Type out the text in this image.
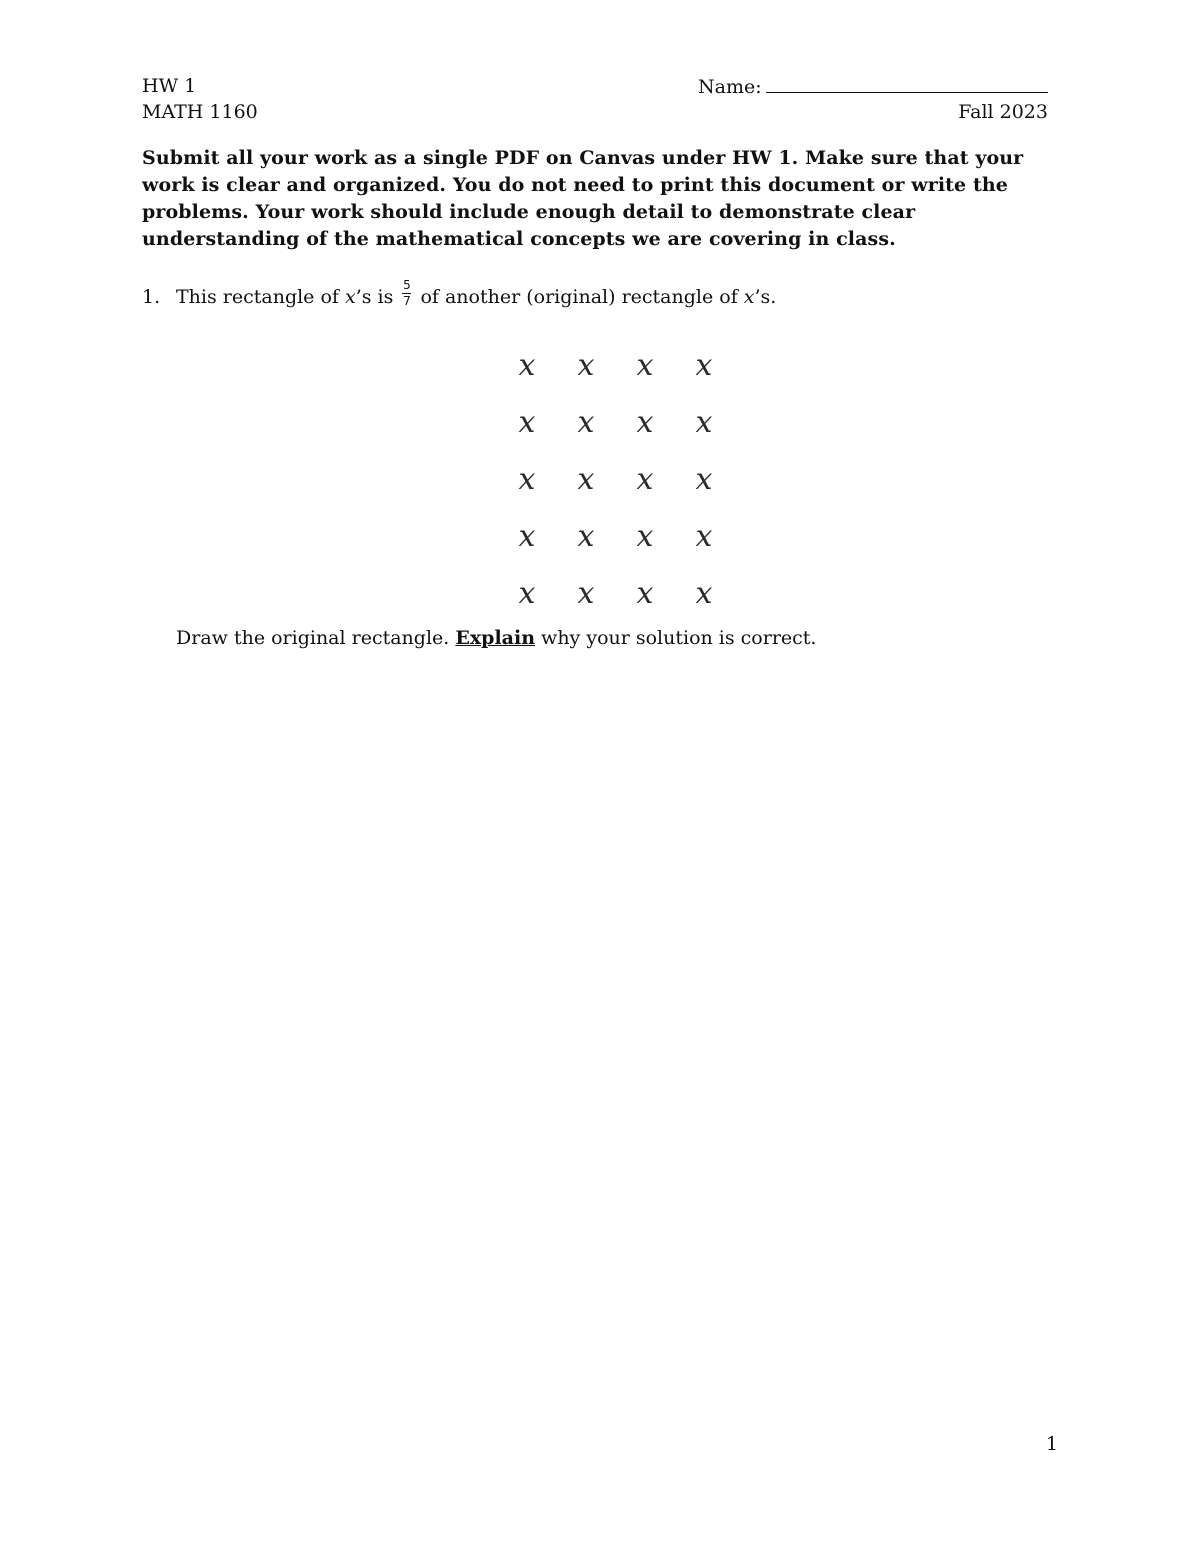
HW 1
MATH 1160
Name:
Fall 2023
Submit all your work as a single PDF on Canvas under HW 1. Make sure that your work is clear and organized. You do not need to print this document or write the problems. Your work should include enough detail to demonstrate clear understanding of the mathematical concepts we are covering in class.
1. This rectangle of x’s is $\frac{5}{7}$ of another (original) rectangle of x’s.
x	x	x	x
x	x	x	x
x	x	x	x
x	x	x	x
x	x	x	x
Draw the original rectangle. Explain why your solution is correct.
1
